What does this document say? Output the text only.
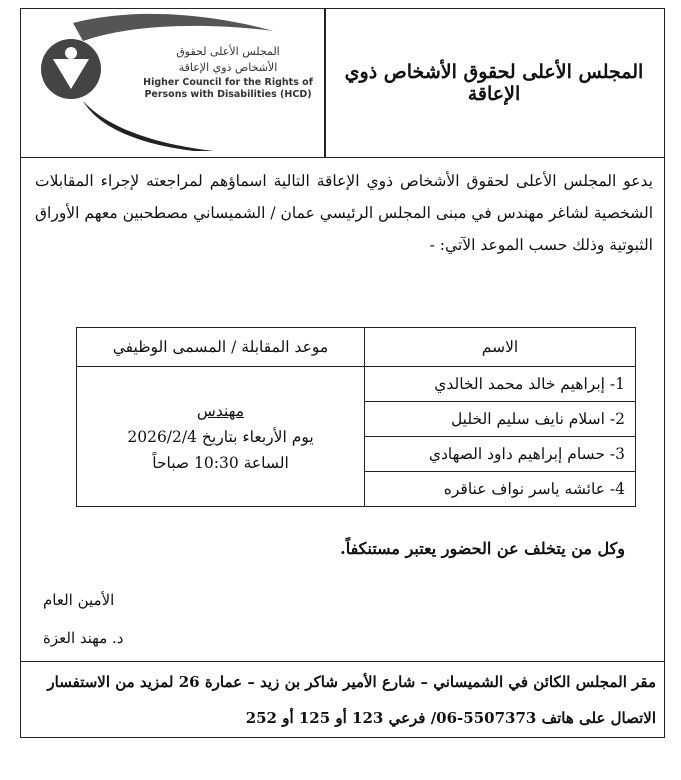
المجلس الأعلى لحقوق
الأشخاص ذوي الإعاقة
Higher Council for the Rights of
Persons with Disabilities (HCD)
المجلس الأعلى لحقوق الأشخاص ذوي الإعاقة
يدعو المجلس الأعلى لحقوق الأشخاص ذوي الإعاقة التالية اسماؤهم لمراجعته لإجراء المقابلات الشخصية لشاغر مهندس في مبنى المجلس الرئيسي عمان / الشميساني مصطحبين معهم الأوراق الثبوتية وذلك حسب الموعد الآتي: -
الاسم	موعد المقابلة / المسمى الوظيفي
1- إبراهيم خالد محمد الخالدي	مهندس
يوم الأربعاء بتاريخ 2026/2/4
الساعة 10:30 صباحاً

2- اسلام نايف سليم الخليل	
3- حسام إبراهيم داود الصهادي	
4- عائشه ياسر نواف عناقره	
وكل من يتخلف عن الحضور يعتبر مستنكفاً.
الأمين العام
د. مهند العزة
مقر المجلس الكائن في الشميساني – شارع الأمير شاكر بن زيد – عمارة 26 لمزيد من الاستفسار
الاتصال على هاتف 5507373-06/ فرعي 123 أو 125 أو 252
